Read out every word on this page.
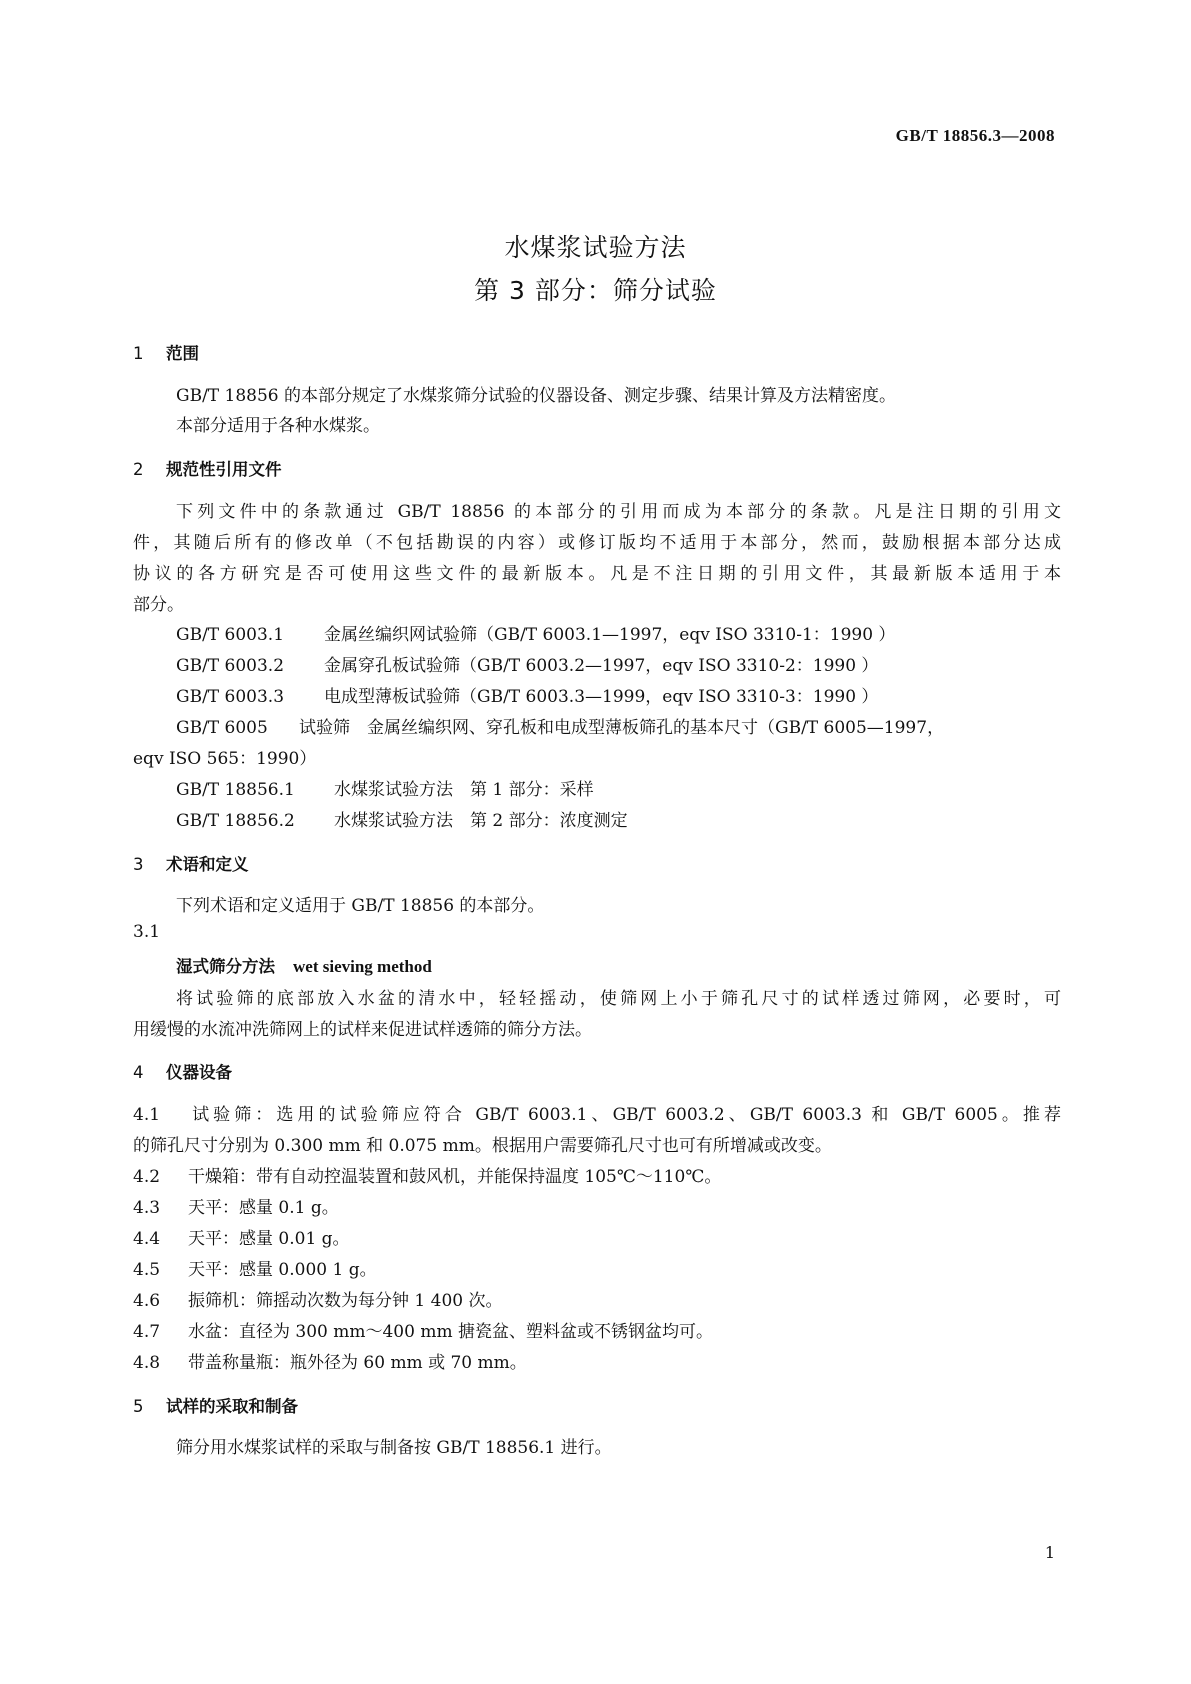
GB/T 18856.3—2008
水煤浆试验方法
第 3 部分：筛分试验
1 范围
GB/T 18856 的本部分规定了水煤浆筛分试验的仪器设备、测定步骤、结果计算及方法精密度。
本部分适用于各种水煤浆。
2 规范性引用文件
下列文件中的条款通过 GB/T 18856 的本部分的引用而成为本部分的条款。凡是注日期的引用文
件，其随后所有的修改单（不包括勘误的内容）或修订版均不适用于本部分，然而，鼓励根据本部分达成
协议的各方研究是否可使用这些文件的最新版本。凡是不注日期的引用文件，其最新版本适用于本
部分。
GB/T 6003.1 金属丝编织网试验筛（GB/T 6003.1—1997，eqv ISO 3310-1：1990 ）
GB/T 6003.2 金属穿孔板试验筛（GB/T 6003.2—1997，eqv ISO 3310-2：1990 ）
GB/T 6003.3 电成型薄板试验筛（GB/T 6003.3—1999，eqv ISO 3310-3：1990 ）
GB/T 6005 试验筛　金属丝编织网、穿孔板和电成型薄板筛孔的基本尺寸（GB/T 6005—1997，
eqv ISO 565：1990）
GB/T 18856.1 水煤浆试验方法　第 1 部分：采样
GB/T 18856.2 水煤浆试验方法　第 2 部分：浓度测定
3 术语和定义
下列术语和定义适用于 GB/T 18856 的本部分。
3.1
湿式筛分方法 wet sieving method
将试验筛的底部放入水盆的清水中，轻轻摇动，使筛网上小于筛孔尺寸的试样透过筛网，必要时，可
用缓慢的水流冲洗筛网上的试样来促进试样透筛的筛分方法。
4 仪器设备
4.1 试验筛：选用的试验筛应符合 GB/T 6003.1、GB/T 6003.2、GB/T 6003.3 和 GB/T 6005。推荐
的筛孔尺寸分别为 0.300 mm 和 0.075 mm。根据用户需要筛孔尺寸也可有所增减或改变。
4.2 干燥箱：带有自动控温装置和鼓风机，并能保持温度 105℃～110℃。
4.3 天平：感量 0.1 g。
4.4 天平：感量 0.01 g。
4.5 天平：感量 0.000 1 g。
4.6 振筛机：筛摇动次数为每分钟 1 400 次。
4.7 水盆：直径为 300 mm～400 mm 搪瓷盆、塑料盆或不锈钢盆均可。
4.8 带盖称量瓶：瓶外径为 60 mm 或 70 mm。
5 试样的采取和制备
筛分用水煤浆试样的采取与制备按 GB/T 18856.1 进行。
1
